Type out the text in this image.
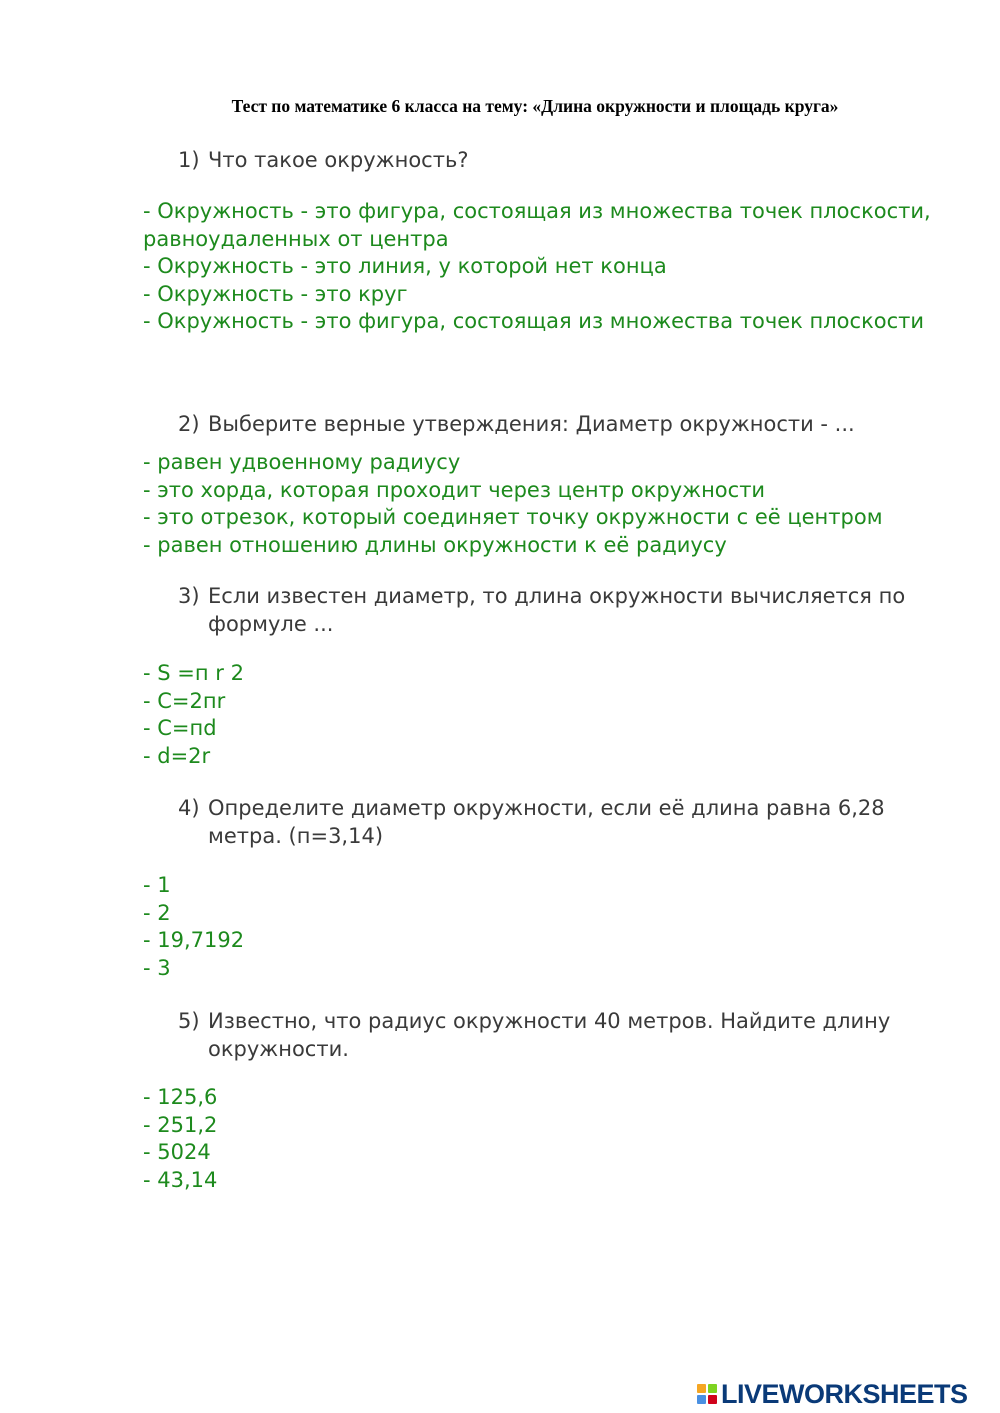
Тест по математике 6 класса на тему: «Длина окружности и площадь круга»
1) Что такое окружность?
- Окружность - это фигура, состоящая из множества точек плоскости, равноудаленных от центра
- Окружность - это линия, у которой нет конца
- Окружность - это круг
- Окружность - это фигура, состоящая из множества точек плоскости
2) Выберите верные утверждения: Диаметр окружности - ...
- равен удвоенному радиусу
- это хорда, которая проходит через центр окружности
- это отрезок, который соединяет точку окружности с её центром
- равен отношению длины окружности к её радиусу
3) Если известен диаметр, то длина окружности вычисляется по формуле ...
- S =п r 2
- C=2пr
- C=пd
- d=2r
4) Определите диаметр окружности, если её длина равна 6,28 метра. (п=3,14)
- 1
- 2
- 19,7192
- 3
5) Известно, что радиус окружности 40 метров. Найдите длину окружности.
- 125,6
- 251,2
- 5024
- 43,14
LIVEWORKSHEETS
